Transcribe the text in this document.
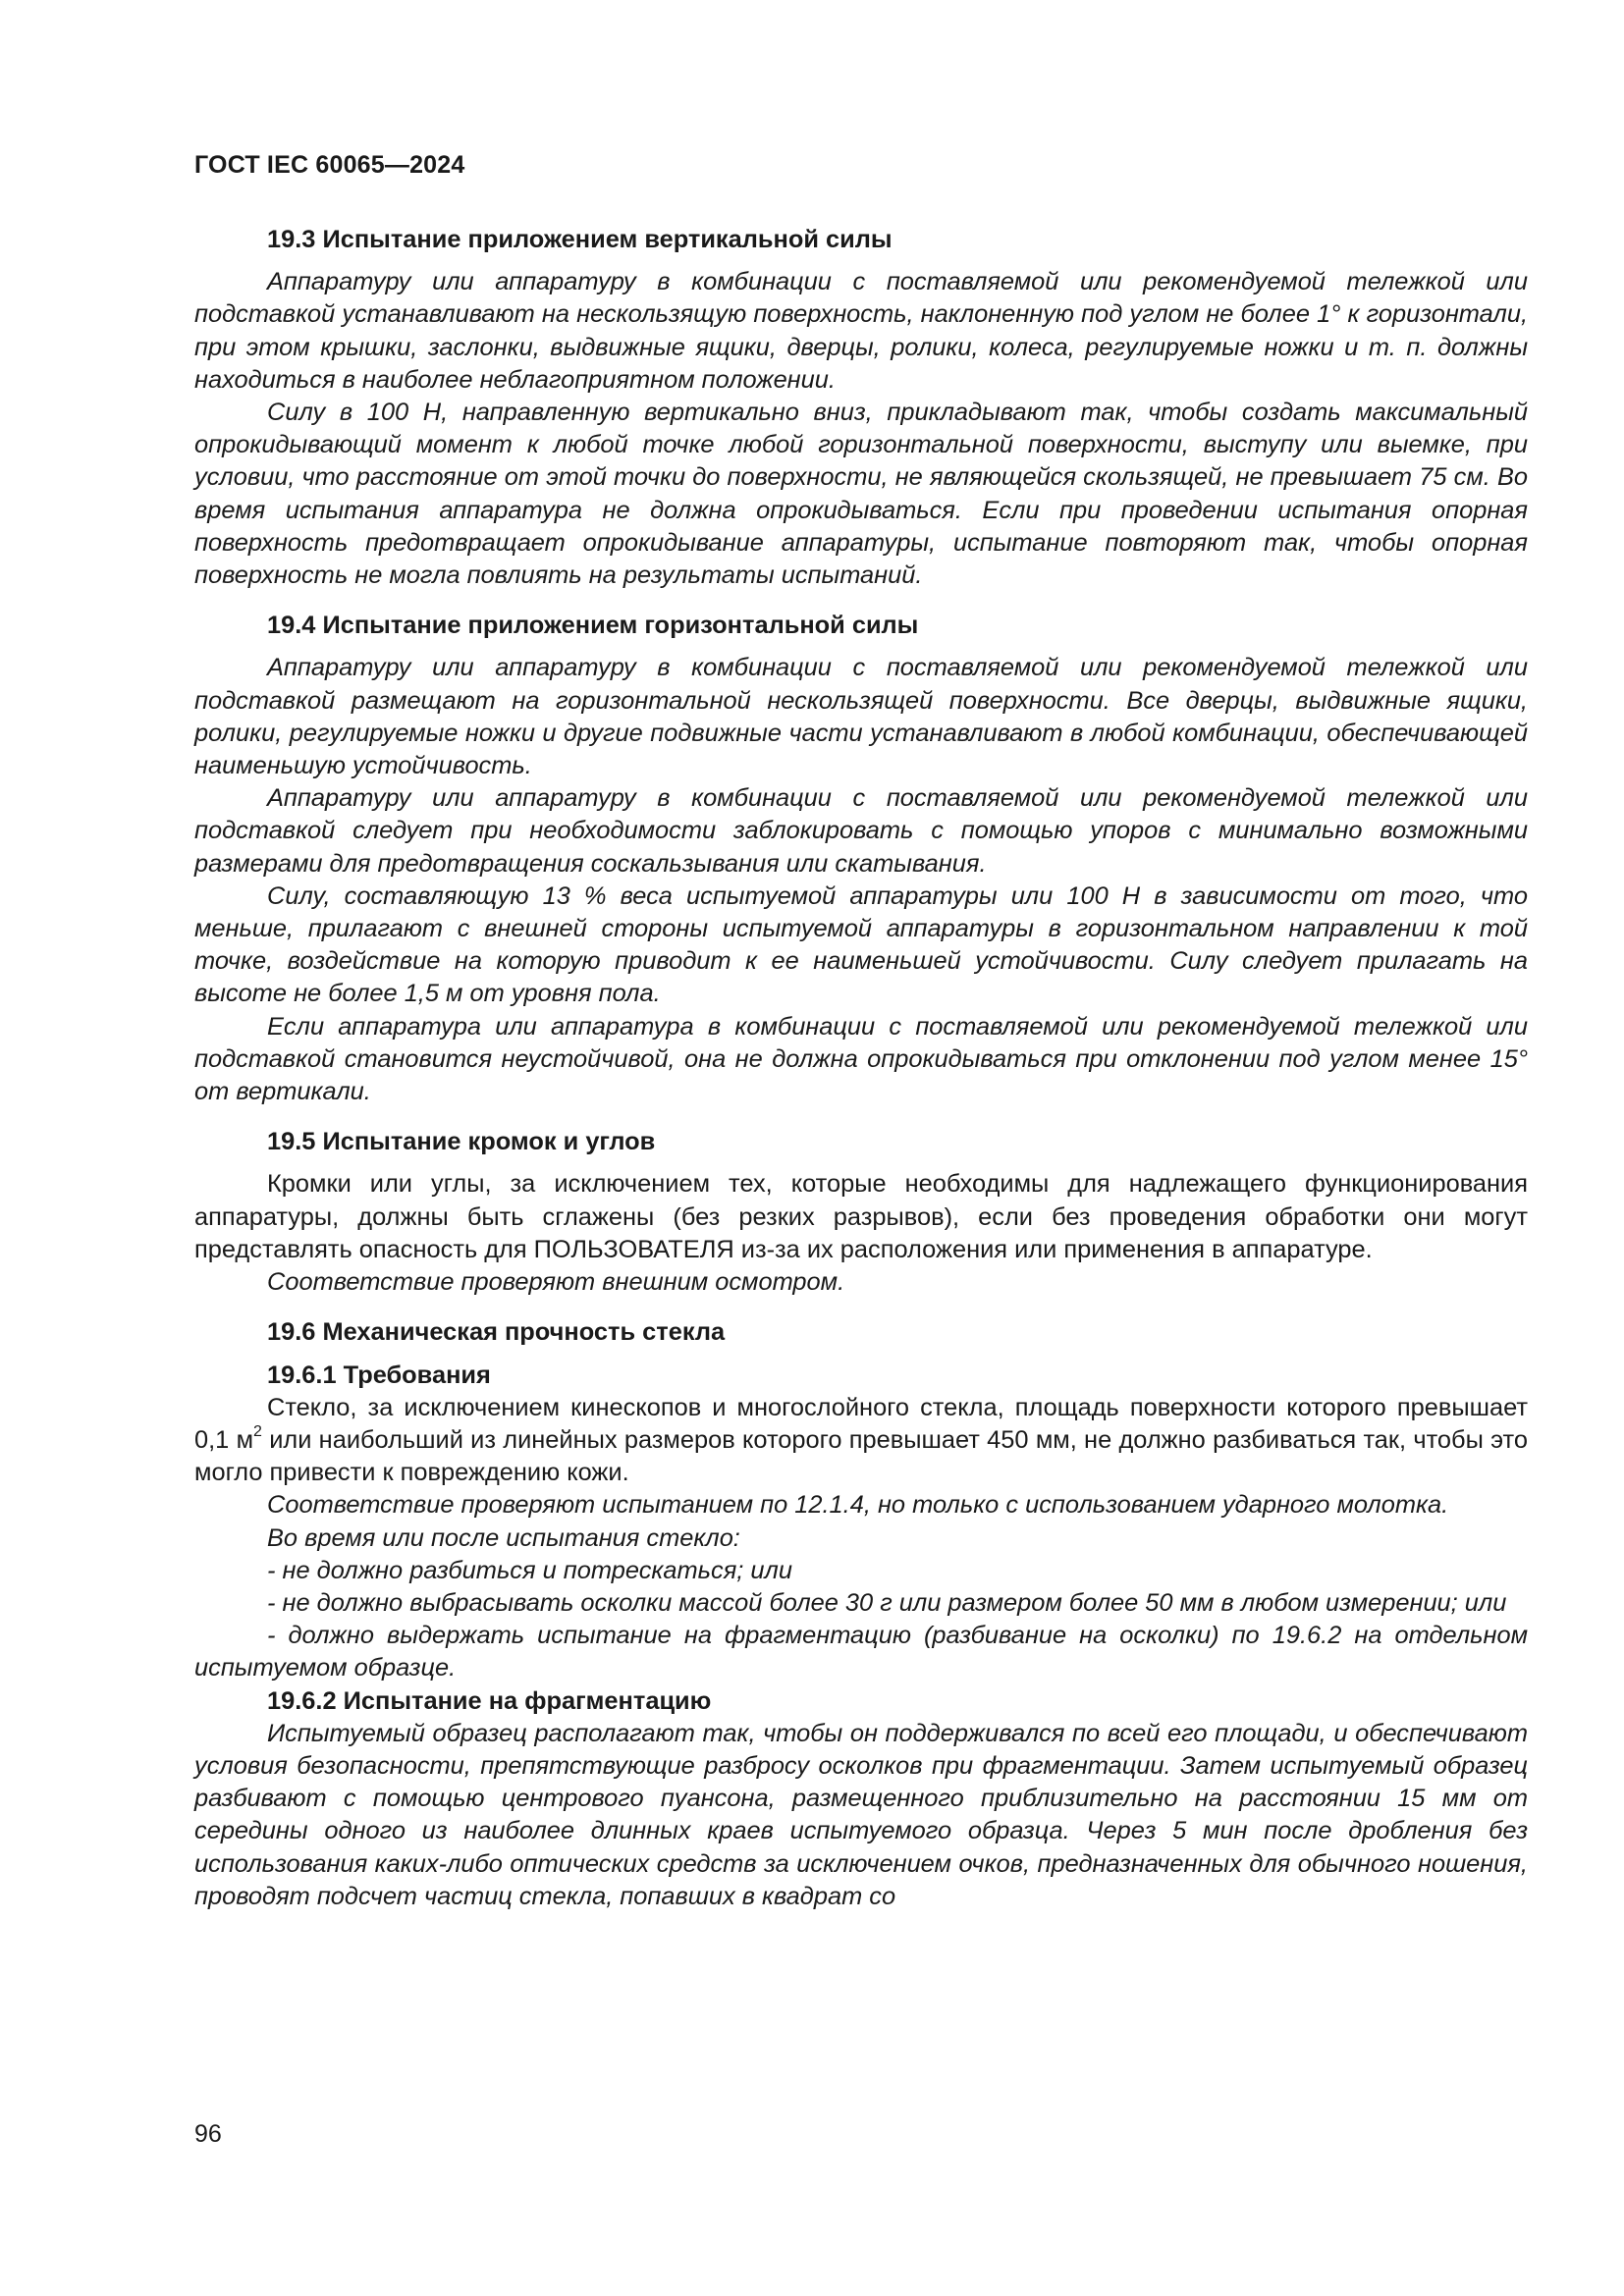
ГОСТ IEC 60065—2024

19.3 Испытание приложением вертикальной силы

Аппаратуру или аппаратуру в комбинации с поставляемой или рекомендуемой тележкой или подставкой устанавливают на нескользящую поверхность, наклоненную под углом не более 1° к горизонтали, при этом крышки, заслонки, выдвижные ящики, дверцы, ролики, колеса, регулируемые ножки и т. п. должны находиться в наиболее неблагоприятном положении.

Силу в 100 Н, направленную вертикально вниз, прикладывают так, чтобы создать максимальный опрокидывающий момент к любой точке любой горизонтальной поверхности, выступу или выемке, при условии, что расстояние от этой точки до поверхности, не являющейся скользящей, не превышает 75 см. Во время испытания аппаратура не должна опрокидываться. Если при проведении испытания опорная поверхность предотвращает опрокидывание аппаратуры, испытание повторяют так, чтобы опорная поверхность не могла повлиять на результаты испытаний.

19.4 Испытание приложением горизонтальной силы

Аппаратуру или аппаратуру в комбинации с поставляемой или рекомендуемой тележкой или подставкой размещают на горизонтальной нескользящей поверхности. Все дверцы, выдвижные ящики, ролики, регулируемые ножки и другие подвижные части устанавливают в любой комбинации, обеспечивающей наименьшую устойчивость.

Аппаратуру или аппаратуру в комбинации с поставляемой или рекомендуемой тележкой или подставкой следует при необходимости заблокировать с помощью упоров с минимально возможными размерами для предотвращения соскальзывания или скатывания.

Силу, составляющую 13 % веса испытуемой аппаратуры или 100 Н в зависимости от того, что меньше, прилагают с внешней стороны испытуемой аппаратуры в горизонтальном направлении к той точке, воздействие на которую приводит к ее наименьшей устойчивости. Силу следует прилагать на высоте не более 1,5 м от уровня пола.

Если аппаратура или аппаратура в комбинации с поставляемой или рекомендуемой тележкой или подставкой становится неустойчивой, она не должна опрокидываться при отклонении под углом менее 15° от вертикали.

19.5 Испытание кромок и углов

Кромки или углы, за исключением тех, которые необходимы для надлежащего функционирования аппаратуры, должны быть сглажены (без резких разрывов), если без проведения обработки они могут представлять опасность для ПОЛЬЗОВАТЕЛЯ из-за их расположения или применения в аппаратуре.

Соответствие проверяют внешним осмотром.

19.6 Механическая прочность стекла

19.6.1 Требования

Стекло, за исключением кинескопов и многослойного стекла, площадь поверхности которого превышает 0,1 $м^2$ или наибольший из линейных размеров которого превышает 450 мм, не должно разбиваться так, чтобы это могло привести к повреждению кожи.

Соответствие проверяют испытанием по 12.1.4, но только с использованием ударного молотка.

Во время или после испытания стекло:

- не должно разбиться и потрескаться; или

- не должно выбрасывать осколки массой более 30 г или размером более 50 мм в любом измерении; или

- должно выдержать испытание на фрагментацию (разбивание на осколки) по 19.6.2 на отдельном испытуемом образце.

19.6.2 Испытание на фрагментацию

Испытуемый образец располагают так, чтобы он поддерживался по всей его площади, и обеспечивают условия безопасности, препятствующие разбросу осколков при фрагментации. Затем испытуемый образец разбивают с помощью центрового пуансона, размещенного приблизительно на расстоянии 15 мм от середины одного из наиболее длинных краев испытуемого образца. Через 5 мин после дробления без использования каких-либо оптических средств за исключением очков, предназначенных для обычного ношения, проводят подсчет частиц стекла, попавших в квадрат со

96
